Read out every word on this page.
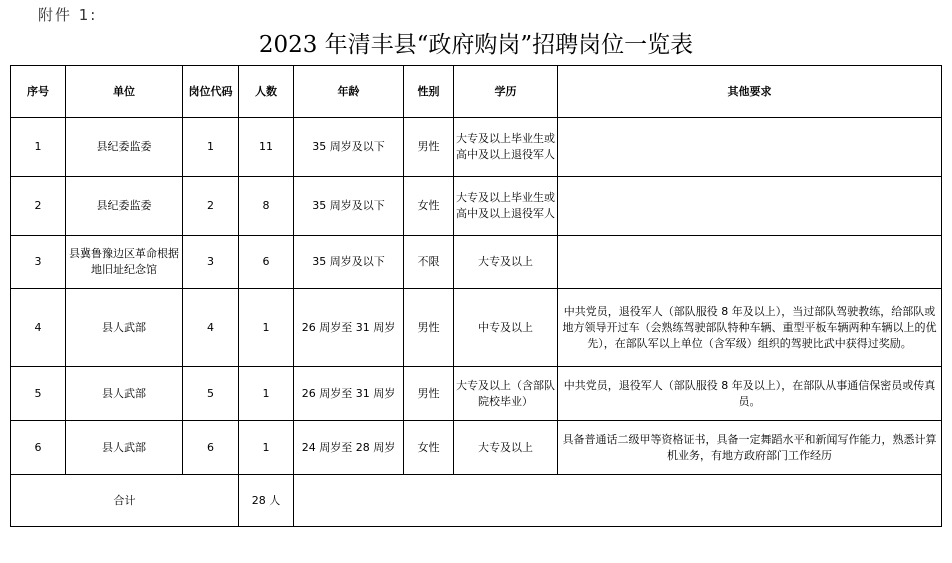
附件 1:
2023 年清丰县“政府购岗”招聘岗位一览表
序号	单位	岗位代码	人数	年龄	性别	学历	其他要求
1	县纪委监委	1	11	35 周岁及以下	男性	大专及以上毕业生或高中及以上退役军人	
2	县纪委监委	2	8	35 周岁及以下	女性	大专及以上毕业生或高中及以上退役军人	
3	县冀鲁豫边区革命根据地旧址纪念馆	3	6	35 周岁及以下	不限	大专及以上	
4	县人武部	4	1	26 周岁至 31 周岁	男性	中专及以上	中共党员，退役军人（部队服役 8 年及以上），当过部队驾驶教练，给部队或地方领导开过车（会熟练驾驶部队特种车辆、重型平板车辆两种车辆以上的优先），在部队军以上单位（含军级）组织的驾驶比武中获得过奖励。
5	县人武部	5	1	26 周岁至 31 周岁	男性	大专及以上（含部队院校毕业）	中共党员，退役军人（部队服役 8 年及以上），在部队从事通信保密员或传真员。
6	县人武部	6	1	24 周岁至 28 周岁	女性	大专及以上	具备普通话二级甲等资格证书，具备一定舞蹈水平和新闻写作能力，熟悉计算机业务，有地方政府部门工作经历
合计			28 人				
